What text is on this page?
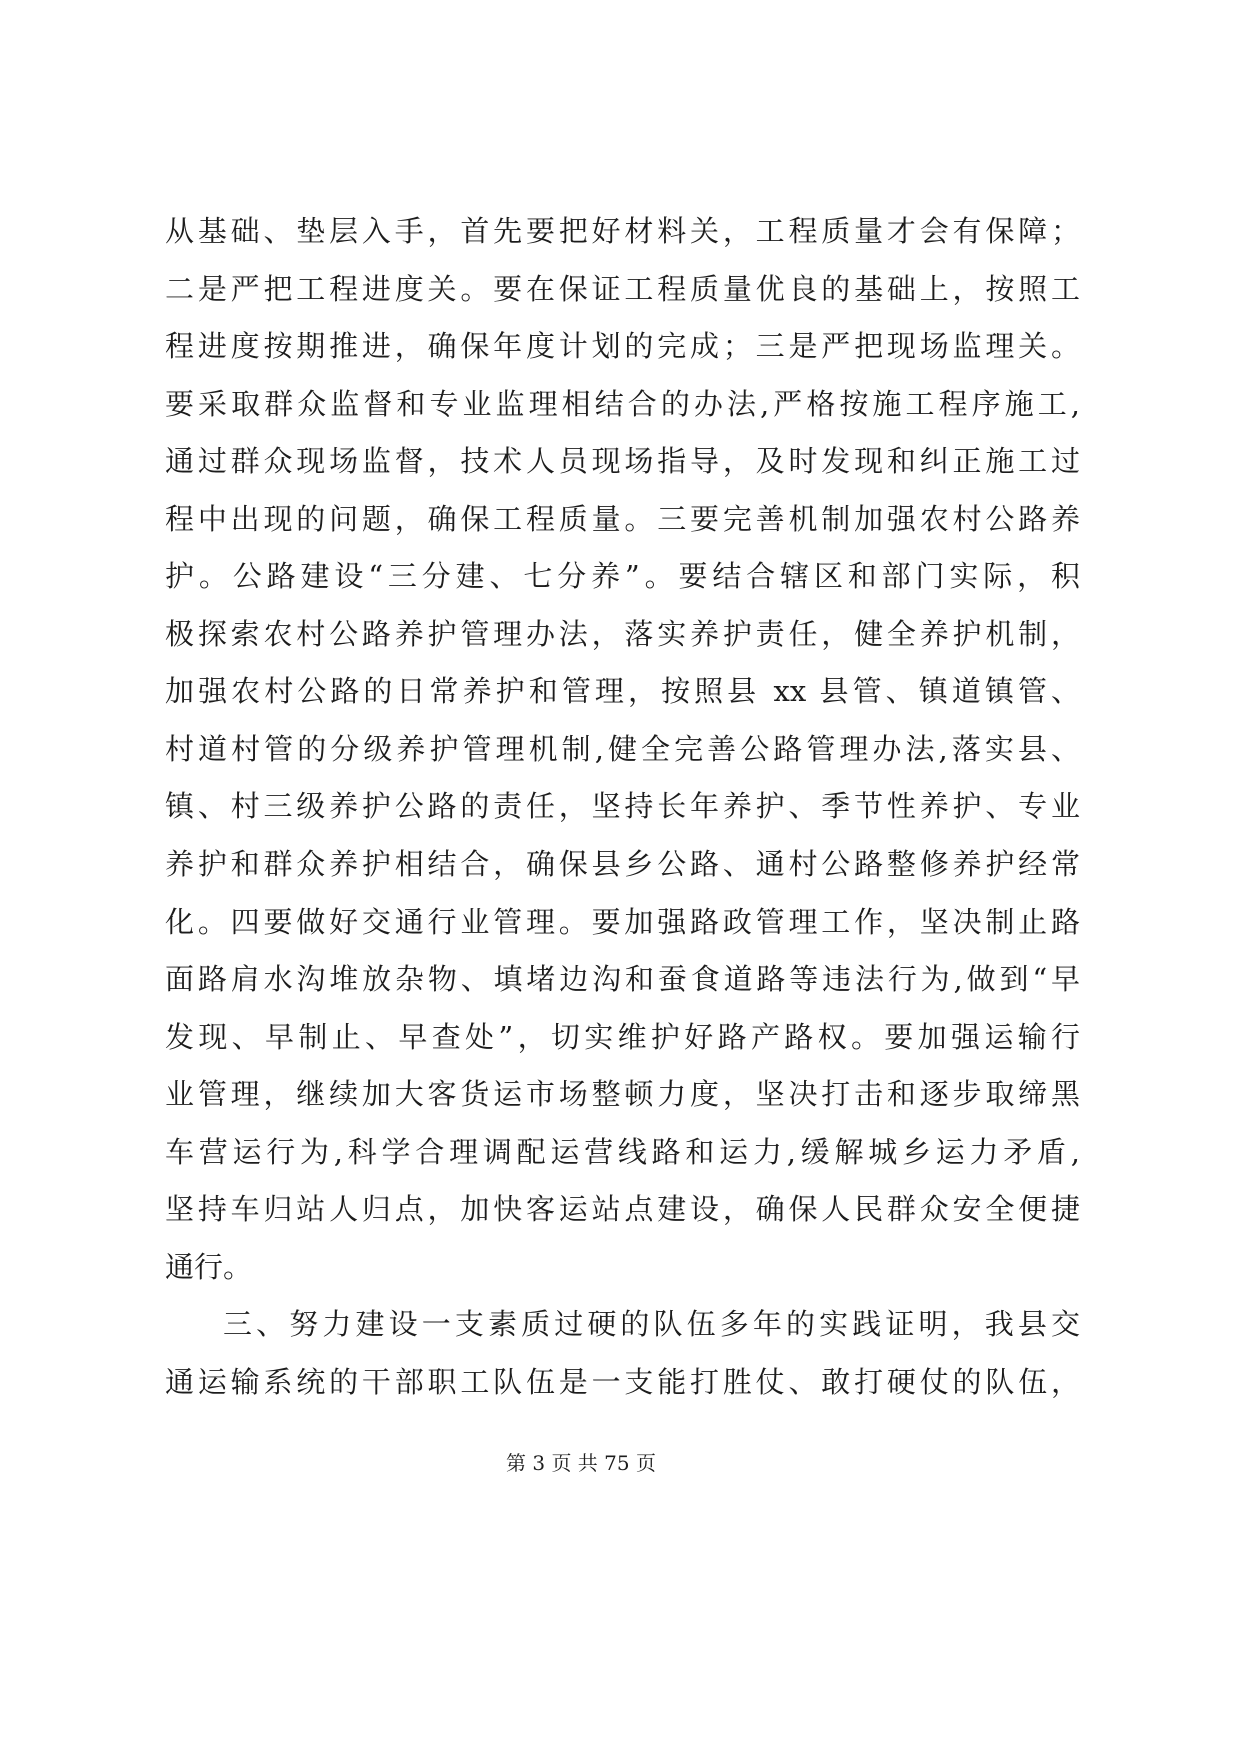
从基础、垫层入手，首先要把好材料关，工程质量才会有保障；
二是严把工程进度关。要在保证工程质量优良的基础上，按照工
程进度按期推进，确保年度计划的完成；三是严把现场监理关。
要采取群众监督和专业监理相结合的办法,严格按施工程序施工,
通过群众现场监督，技术人员现场指导，及时发现和纠正施工过
程中出现的问题，确保工程质量。三要完善机制加强农村公路养
护。公路建设“三分建、七分养”。要结合辖区和部门实际，积
极探索农村公路养护管理办法，落实养护责任，健全养护机制，
加强农村公路的日常养护和管理，按照县 xx 县管、镇道镇管、
村道村管的分级养护管理机制,健全完善公路管理办法,落实县、
镇、村三级养护公路的责任，坚持长年养护、季节性养护、专业
养护和群众养护相结合，确保县乡公路、通村公路整修养护经常
化。四要做好交通行业管理。要加强路政管理工作，坚决制止路
面路肩水沟堆放杂物、填堵边沟和蚕食道路等违法行为,做到“早
发现、早制止、早查处”，切实维护好路产路权。要加强运输行
业管理，继续加大客货运市场整顿力度，坚决打击和逐步取缔黑
车营运行为,科学合理调配运营线路和运力,缓解城乡运力矛盾,
坚持车归站人归点，加快客运站点建设，确保人民群众安全便捷
通行。
三、努力建设一支素质过硬的队伍多年的实践证明，我县交
通运输系统的干部职工队伍是一支能打胜仗、敢打硬仗的队伍，
第 3 页 共 75 页
